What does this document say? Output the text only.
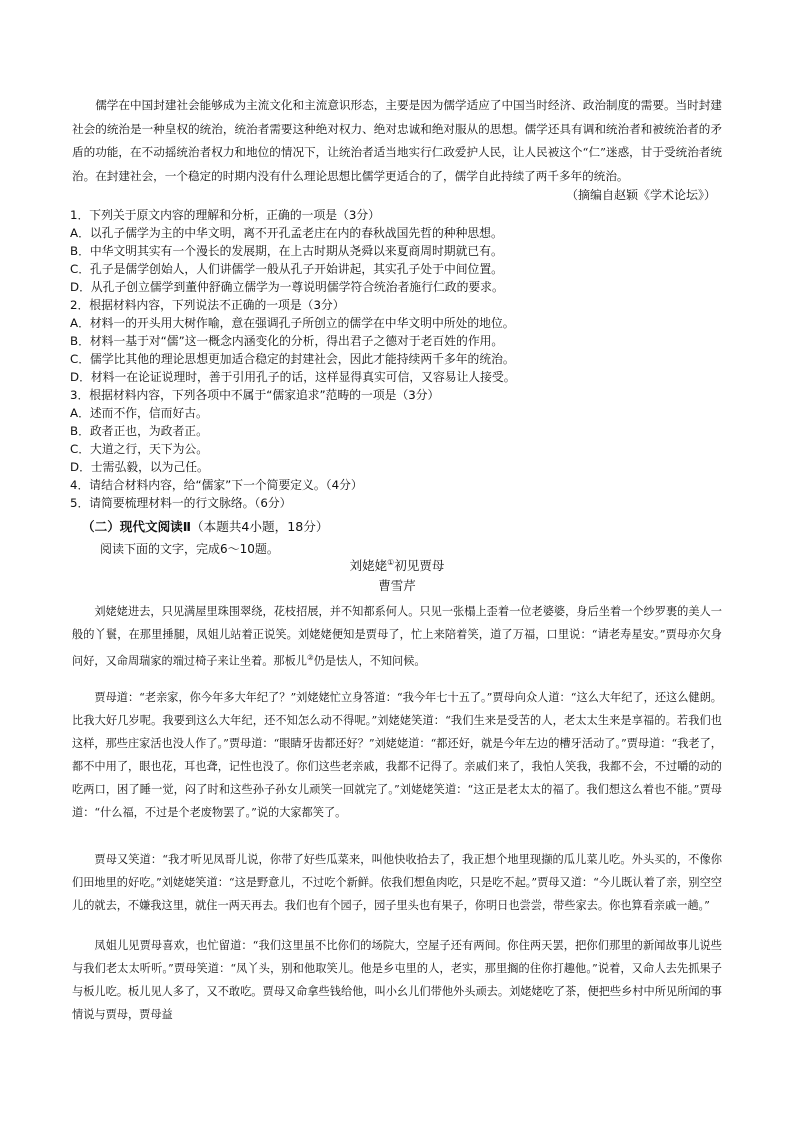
儒学在中国封建社会能够成为主流文化和主流意识形态，主要是因为儒学适应了中国当时经济、政治制度的需要。当时封建社会的统治是一种皇权的统治，统治者需要这种绝对权力、绝对忠诚和绝对服从的思想。儒学还具有调和统治者和被统治者的矛盾的功能，在不动摇统治者权力和地位的情况下，让统治者适当地实行仁政爱护人民，让人民被这个“仁”迷惑，甘于受统治者统治。在封建社会，一个稳定的时期内没有什么理论思想比儒学更适合的了，儒学自此持续了两千多年的统治。

（摘编自赵颖《学术论坛》）

1．下列关于原文内容的理解和分析，正确的一项是（3分）

A．以孔子儒学为主的中华文明，离不开孔孟老庄在内的春秋战国先哲的种种思想。

B．中华文明其实有一个漫长的发展期，在上古时期从尧舜以来夏商周时期就已有。

C．孔子是儒学创始人，人们讲儒学一般从孔子开始讲起，其实孔子处于中间位置。

D．从孔子创立儒学到董仲舒确立儒学为一尊说明儒学符合统治者施行仁政的要求。

2．根据材料内容，下列说法不正确的一项是（3分）

A．材料一的开头用大树作喻，意在强调孔子所创立的儒学在中华文明中所处的地位。

B．材料一基于对“儒”这一概念内涵变化的分析，得出君子之德对于老百姓的作用。

C．儒学比其他的理论思想更加适合稳定的封建社会，因此才能持续两千多年的统治。

D．材料一在论证说理时，善于引用孔子的话，这样显得真实可信，又容易让人接受。

3．根据材料内容，下列各项中不属于“儒家追求”范畴的一项是（3分）

A．述而不作，信而好古。

B．政者正也，为政者正。

C．大道之行，天下为公。

D．士需弘毅，以为己任。

4．请结合材料内容，给“儒家”下一个简要定义。（4分）

5．请简要梳理材料一的行文脉络。（6分）

（二）现代文阅读Ⅱ（本题共4小题，18分）
阅读下面的文字，完成6～10题。
刘姥姥①初见贾母
曹雪芹

刘姥姥进去，只见满屋里珠围翠绕，花枝招展，并不知都系何人。只见一张榻上歪着一位老婆婆，身后坐着一个纱罗裹的美人一般的丫鬟，在那里捶腿，凤姐儿站着正说笑。刘姥姥便知是贾母了，忙上来陪着笑，道了万福，口里说：“请老寿星安。”贾母亦欠身问好，又命周瑞家的端过椅子来让坐着。那板儿②仍是怯人，不知问候。

贾母道：“老亲家，你今年多大年纪了？”刘姥姥忙立身答道：“我今年七十五了。”贾母向众人道：“这么大年纪了，还这么健朗。比我大好几岁呢。我要到这么大年纪，还不知怎么动不得呢。”刘姥姥笑道：“我们生来是受苦的人，老太太生来是享福的。若我们也这样，那些庄家活也没人作了。”贾母道：“眼睛牙齿都还好？”刘姥姥道：“都还好，就是今年左边的槽牙活动了。”贾母道：“我老了，都不中用了，眼也花，耳也聋，记性也没了。你们这些老亲戚，我都不记得了。亲戚们来了，我怕人笑我，我都不会，不过嚼的动的吃两口，困了睡一觉，闷了时和这些孙子孙女儿顽笑一回就完了。”刘姥姥笑道：“这正是老太太的福了。我们想这么着也不能。”贾母道：“什么福，不过是个老废物罢了。”说的大家都笑了。

贾母又笑道：“我才听见凤哥儿说，你带了好些瓜菜来，叫他快收拾去了，我正想个地里现撷的瓜儿菜儿吃。外头买的，不像你们田地里的好吃。”刘姥姥笑道：“这是野意儿，不过吃个新鲜。依我们想鱼肉吃，只是吃不起。”贾母又道：“今儿既认着了亲，别空空儿的就去，不嫌我这里，就住一两天再去。我们也有个园子，园子里头也有果子，你明日也尝尝，带些家去。你也算看亲戚一趟。”

凤姐儿见贾母喜欢，也忙留道：“我们这里虽不比你们的场院大，空屋子还有两间。你住两天罢，把你们那里的新闻故事儿说些与我们老太太听听。”贾母笑道：“凤丫头，别和他取笑儿。他是乡屯里的人，老实，那里搁的住你打趣他。”说着，又命人去先抓果子与板儿吃。板儿见人多了，又不敢吃。贾母又命拿些钱给他，叫小幺儿们带他外头顽去。刘姥姥吃了茶，便把些乡村中所见所闻的事情说与贾母，贾母益
